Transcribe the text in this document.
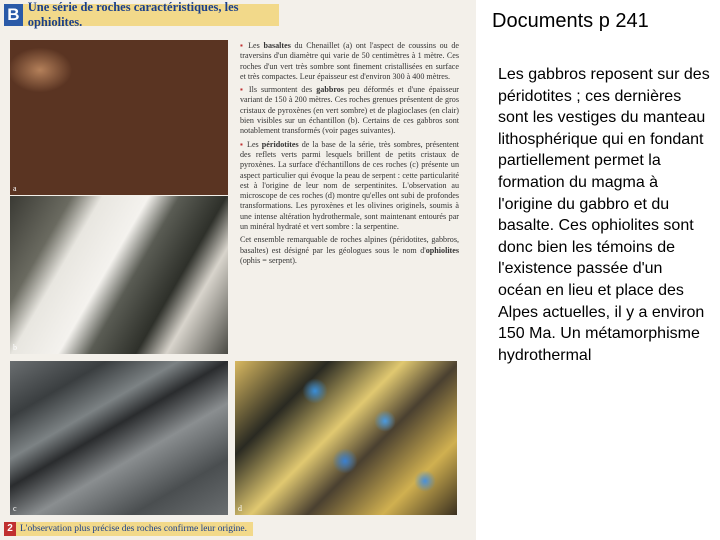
B Une série de roches caractéristiques, les ophiolites.
a
b
c	d

▪ Les basaltes du Chenaillet (a) ont l'aspect de coussins ou de traversins d'un diamètre qui varie de 50 centimètres à 1 mètre. Ces roches d'un vert très sombre sont finement cristallisées en surface et très compactes. Leur épaisseur est d'environ 300 à 400 mètres.

▪ Ils surmontent des gabbros peu déformés et d'une épaisseur variant de 150 à 200 mètres. Ces roches grenues présentent de gros cristaux de pyroxènes (en vert sombre) et de plagioclases (en clair) bien visibles sur un échantillon (b). Certains de ces gabbros sont notablement transformés (voir pages suivantes).

▪ Les péridotites de la base de la série, très sombres, présentent des reflets verts parmi lesquels brillent de petits cristaux de pyroxènes. La surface d'échantillons de ces roches (c) présente un aspect particulier qui évoque la peau de serpent : cette particularité est à l'origine de leur nom de serpentinites. L'observation au microscope de ces roches (d) montre qu'elles ont subi de profondes transformations. Les pyroxènes et les olivines originels, soumis à une intense altération hydrothermale, sont maintenant entourés par un minéral hydraté et vert sombre : la serpentine.

Cet ensemble remarquable de roches alpines (péridotites, gabbros, basaltes) est désigné par les géologues sous le nom d'ophiolites (ophis = serpent).

2 L'observation plus précise des roches confirme leur origine.
Documents p 241
Les gabbros reposent sur des péridotites ; ces dernières sont les vestiges du manteau lithosphérique qui en fondant partiellement permet la formation du magma à l'origine du gabbro et du basalte. Ces ophiolites sont donc bien les témoins de l'existence passée d'un océan en lieu et place des Alpes actuelles, il y a environ 150 Ma. Un métamorphisme hydrothermal
